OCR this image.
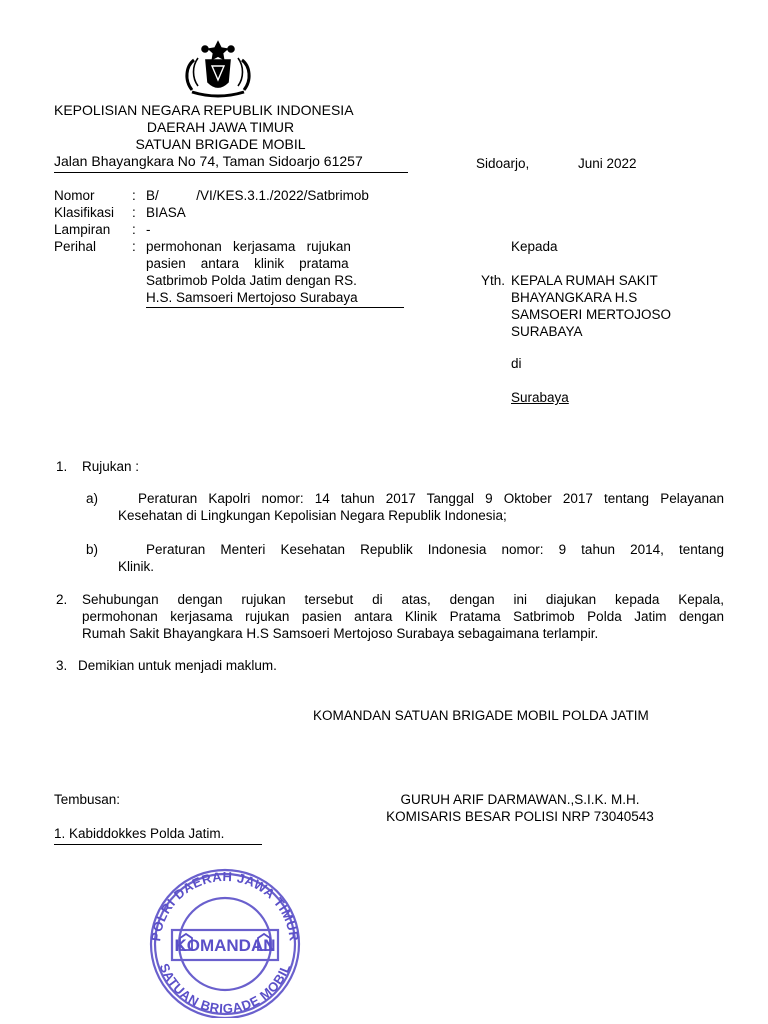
KEPOLISIAN NEGARA REPUBLIK INDONESIA
DAERAH JAWA TIMUR
SATUAN BRIGADE MOBIL
Jalan Bhayangkara No 74, Taman Sidoarjo 61257	Sidoarjo,	Juni 2022
Nomor	: B/          /VI/KES.3.1./2022/Satbrimob
Klasifikasi : BIASA
Lampiran : -
Perihal	: permohonan   kerjasama   rujukan
pasien    antara    klinik    pratama
Satbrimob Polda Jatim dengan RS.
H.S. Samsoeri Mertojoso Surabaya
Kepada
Yth. KEPALA RUMAH SAKIT
BHAYANGKARA H.S
SAMSOERI MERTOJOSO
SURABAYA
di
Surabaya
1. Rujukan :
a)	Peraturan Kapolri nomor: 14 tahun 2017 Tanggal 9 Oktober 2017 tentang Pelayanan
Kesehatan di Lingkungan Kepolisian Negara Republik Indonesia;
b)	Peraturan Menteri Kesehatan Republik Indonesia nomor: 9 tahun 2014, tentang
Klinik.
2. Sehubungan dengan rujukan tersebut di atas, dengan ini diajukan kepada Kepala,
permohonan kerjasama rujukan pasien antara Klinik Pratama Satbrimob Polda Jatim dengan
Rumah Sakit Bhayangkara H.S Samsoeri Mertojoso Surabaya sebagaimana terlampir.
3. Demikian untuk menjadi maklum.
KOMANDAN SATUAN BRIGADE MOBIL POLDA JATIM
GURUH ARIF DARMAWAN.,S.I.K. M.H.
KOMISARIS BESAR POLISI NRP 73040543
Tembusan:
1. Kabiddokkes Polda Jatim.
POLRI DAERAH JAWA TIMUR
KOMANDAN
SATUAN BRIGADE MOBIL
